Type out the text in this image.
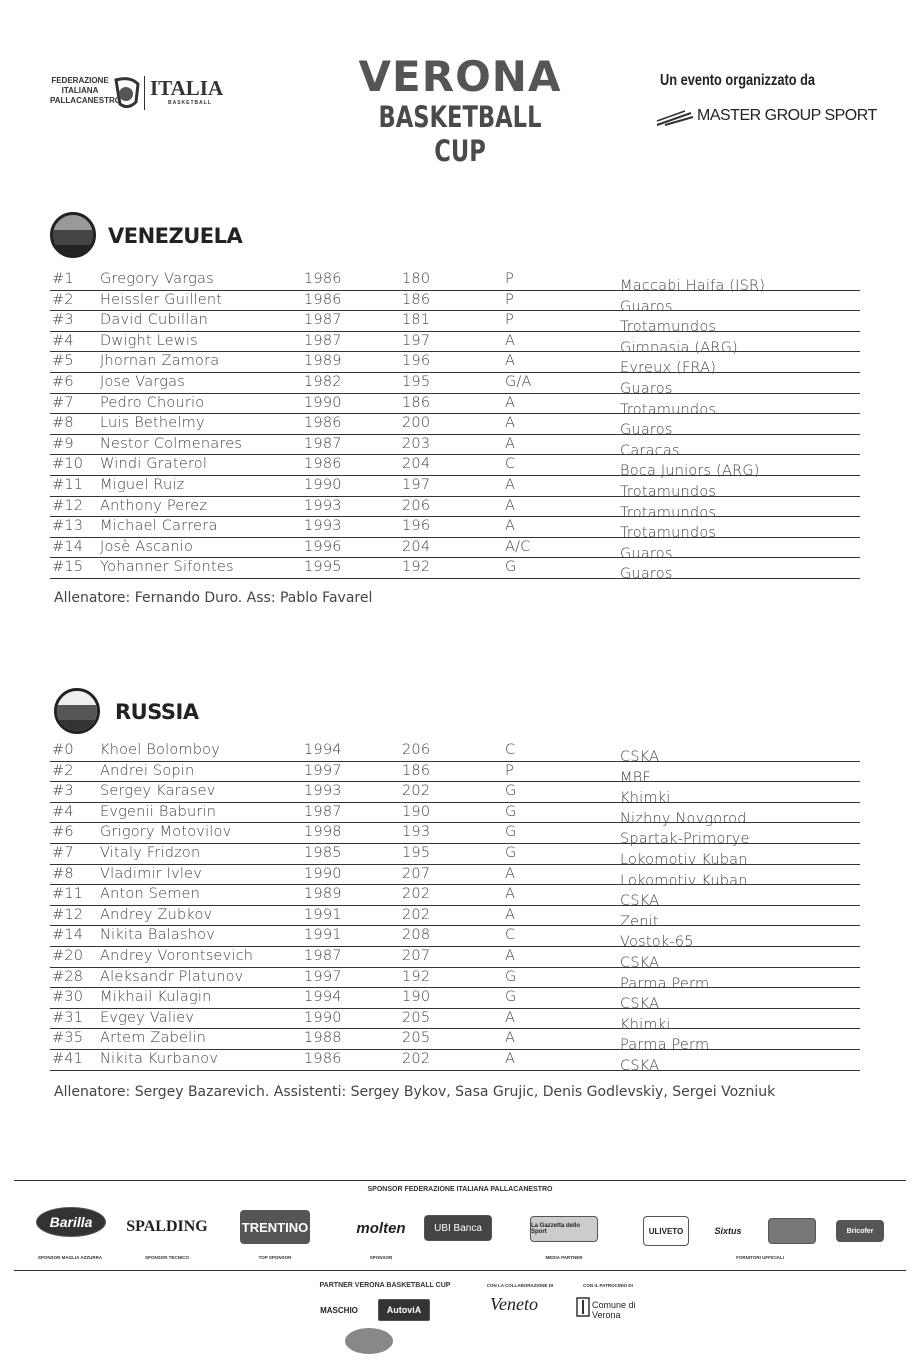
FEDERAZIONE
ITALIANA
PALLACANESTRO
ITALIA
BASKETBALL
VERONA
BASKETBALL CUP
Un evento organizzato da
MASTER GROUP SPORT
VENEZUELA
#1 Gregory Vargas	1986	180	P	Maccabi Haifa (ISR)
#2 Heissler Guillent	1986	186	P	Guaros
#3 David Cubillan	1987	181	P	Trotamundos
#4 Dwight Lewis	1987	197	A	Gimnasia (ARG)
#5 Jhornan Zamora	1989	196	A	Evreux (FRA)
#6 Jose Vargas	1982	195	G/A	Guaros
#7 Pedro Chourio	1990	186	A	Trotamundos
#8 Luis Bethelmy	1986	200	A	Guaros
#9 Nestor Colmenares	1987	203	A	Caracas
#10 Windi Graterol	1986	204	C	Boca Juniors (ARG)
#11 Miguel Ruiz	1990	197	A	Trotamundos
#12 Anthony Perez	1993	206	A	Trotamundos
#13 Michael Carrera	1993	196	A	Trotamundos
#14 Josè Ascanio	1996	204	A/C	Guaros
#15 Yohanner Sifontes	1995	192	G	Guaros
Allenatore: Fernando Duro. Ass: Pablo Favarel
RUSSIA
#0 Khoel Bolomboy	1994	206	C	CSKA
#2 Andrei Sopin	1997	186	P	MBF
#3 Sergey Karasev	1993	202	G	Khimki
#4 Evgenii Baburin	1987	190	G	Nizhny Novgorod
#6 Grigory Motovilov	1998	193	G	Spartak-Primorye
#7 Vitaly Fridzon	1985	195	G	Lokomotiv Kuban
#8 Vladimir Ivlev	1990	207	A	Lokomotiv Kuban
#11 Anton Semen	1989	202	A	CSKA
#12 Andrey Zubkov	1991	202	A	Zenit
#14 Nikita Balashov	1991	208	C	Vostok-65
#20 Andrey Vorontsevich	1987	207	A	CSKA
#28 Aleksandr Platunov	1997	192	G	Parma Perm
#30 Mikhail Kulagin	1994	190	G	CSKA
#31 Evgey Valiev	1990	205	A	Khimki
#35 Artem Zabelin	1988	205	A	Parma Perm
#41 Nikita Kurbanov	1986	202	A	CSKA
Allenatore: Sergey Bazarevich. Assistenti: Sergey Bykov, Sasa Grujic, Denis Godlevskiy, Sergei Vozniuk
SPONSOR FEDERAZIONE ITALIANA PALLACANESTRO
Barilla
SPONSOR MAGLIA AZZURRA
SPALDING
SPONSOR TECNICO
TRENTINO
TOP SPONSOR
molten
SPONSOR
UBI Banca	La Gazzetta dello Sport
MEDIA PARTNER
ULIVETO	Sixtus	Bricofer
FORNITORI UFFICIALI
PARTNER VERONA BASKETBALL CUP
MASCHIO	AutoviA
CON LA COLLABORAZIONE DI
Veneto
CON IL PATROCINIO DI
Comune di Verona
